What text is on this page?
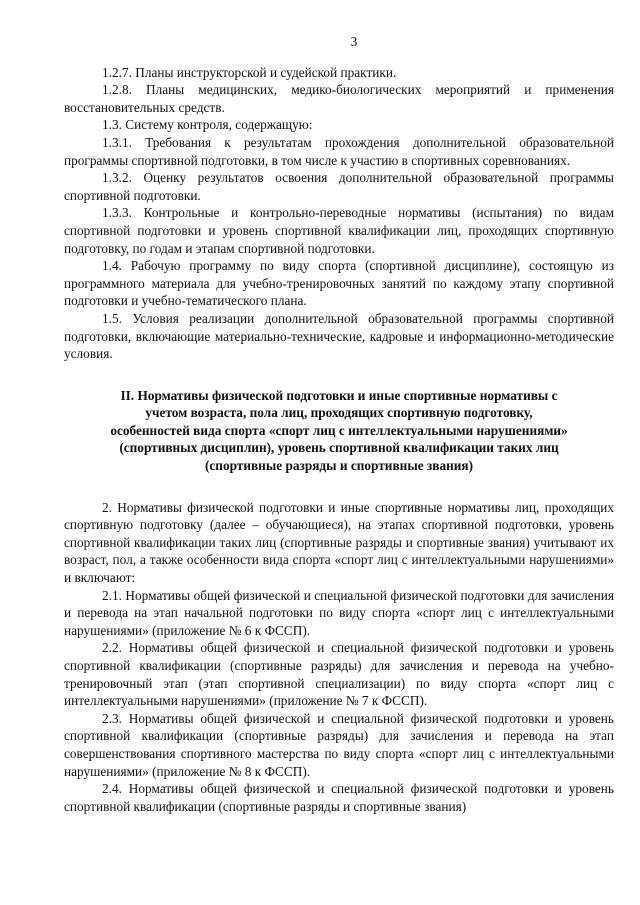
3

1.2.7. Планы инструкторской и судейской практики.

1.2.8. Планы медицинских, медико-биологических мероприятий и применения восстановительных средств.

1.3. Систему контроля, содержащую:

1.3.1. Требования к результатам прохождения дополнительной образовательной программы спортивной подготовки, в том числе к участию в спортивных соревнованиях.

1.3.2. Оценку результатов освоения дополнительной образовательной программы спортивной подготовки.

1.3.3. Контрольные и контрольно-переводные нормативы (испытания) по видам спортивной подготовки и уровень спортивной квалификации лиц, проходящих спортивную подготовку, по годам и этапам спортивной подготовки.

1.4. Рабочую программу по виду спорта (спортивной дисциплине), состоящую из программного материала для учебно-тренировочных занятий по каждому этапу спортивной подготовки и учебно-тематического плана.

1.5. Условия реализации дополнительной образовательной программы спортивной подготовки, включающие материально-технические, кадровые и информационно-методические условия.

II. Нормативы физической подготовки и иные спортивные нормативы с
учетом возраста, пола лиц, проходящих спортивную подготовку,
особенностей вида спорта «спорт лиц с интеллектуальными нарушениями»
(спортивных дисциплин), уровень спортивной квалификации таких лиц
(спортивные разряды и спортивные звания)

2. Нормативы физической подготовки и иные спортивные нормативы лиц, проходящих спортивную подготовку (далее – обучающиеся), на этапах спортивной подготовки, уровень спортивной квалификации таких лиц (спортивные разряды и спортивные звания) учитывают их возраст, пол, а также особенности вида спорта «спорт лиц с интеллектуальными нарушениями» и включают:

2.1. Нормативы общей физической и специальной физической подготовки для зачисления и перевода на этап начальной подготовки по виду спорта «спорт лиц с интеллектуальными нарушениями» (приложение № 6 к ФССП).

2.2. Нормативы общей физической и специальной физической подготовки и уровень спортивной квалификации (спортивные разряды) для зачисления и перевода на учебно-тренировочный этап (этап спортивной специализации) по виду спорта «спорт лиц с интеллектуальными нарушениями» (приложение № 7 к ФССП).

2.3. Нормативы общей физической и специальной физической подготовки и уровень спортивной квалификации (спортивные разряды) для зачисления и перевода на этап совершенствования спортивного мастерства по виду спорта «спорт лиц с интеллектуальными нарушениями» (приложение № 8 к ФССП).

2.4. Нормативы общей физической и специальной физической подготовки и уровень спортивной квалификации (спортивные разряды и спортивные звания)
